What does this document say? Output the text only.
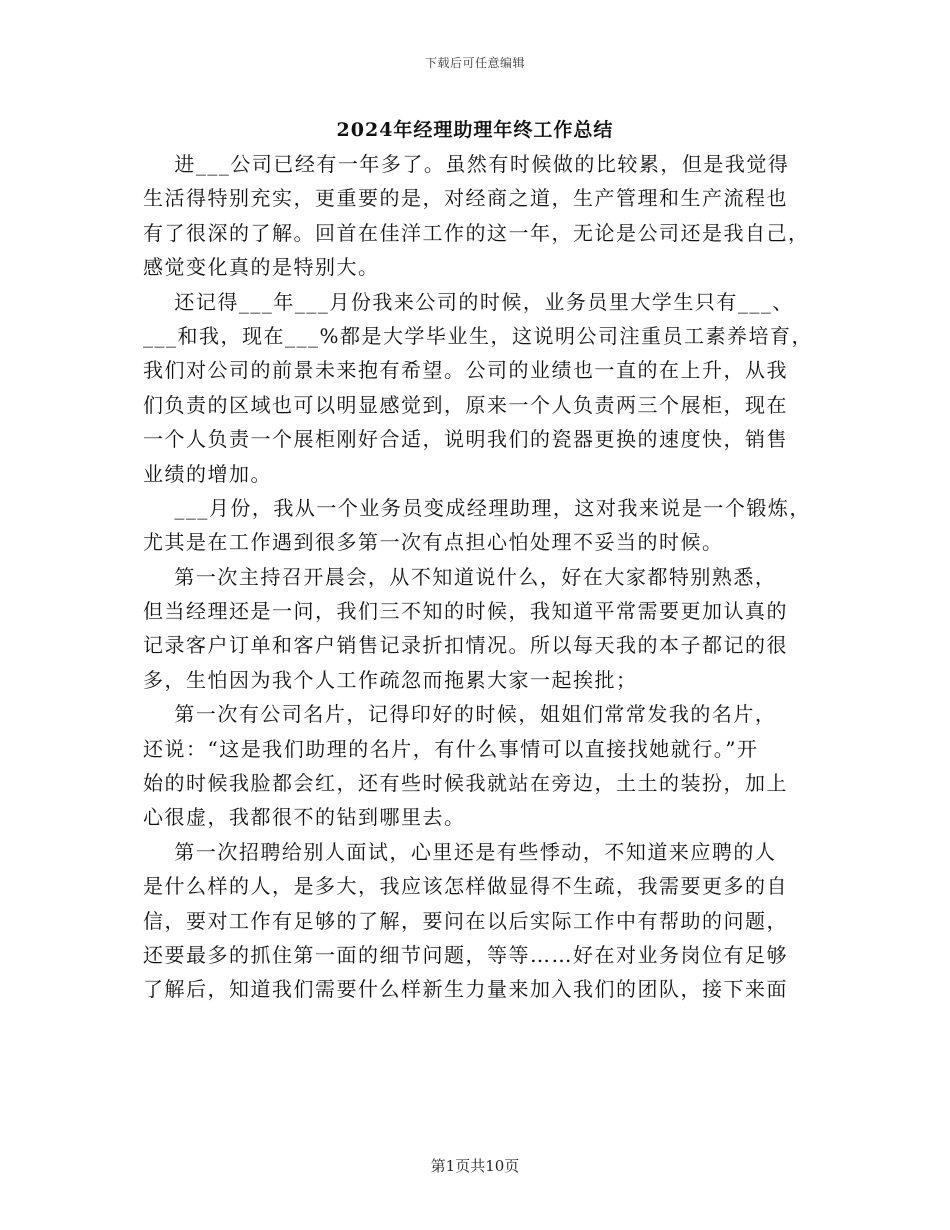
下载后可任意编辑
2024年经理助理年终工作总结
进___公司已经有一年多了。虽然有时候做的比较累，但是我觉得
生活得特别充实，更重要的是，对经商之道，生产管理和生产流程也
有了很深的了解。回首在佳洋工作的这一年，无论是公司还是我自己，
感觉变化真的是特别大。
还记得___年___月份我来公司的时候，业务员里大学生只有___、
___和我，现在___%都是大学毕业生，这说明公司注重员工素养培育，
我们对公司的前景未来抱有希望。公司的业绩也一直的在上升，从我
们负责的区域也可以明显感觉到，原来一个人负责两三个展柜，现在
一个人负责一个展柜刚好合适，说明我们的瓷器更换的速度快，销售
业绩的增加。
___月份，我从一个业务员变成经理助理，这对我来说是一个锻炼，
尤其是在工作遇到很多第一次有点担心怕处理不妥当的时候。
第一次主持召开晨会，从不知道说什么，好在大家都特别熟悉，
但当经理还是一问，我们三不知的时候，我知道平常需要更加认真的
记录客户订单和客户销售记录折扣情况。所以每天我的本子都记的很
多，生怕因为我个人工作疏忽而拖累大家一起挨批；
第一次有公司名片，记得印好的时候，姐姐们常常发我的名片，
还说：“这是我们助理的名片，有什么事情可以直接找她就行。”开
始的时候我脸都会红，还有些时候我就站在旁边，土土的装扮，加上
心很虚，我都很不的钻到哪里去。
第一次招聘给别人面试，心里还是有些悸动，不知道来应聘的人
是什么样的人，是多大，我应该怎样做显得不生疏，我需要更多的自
信，要对工作有足够的了解，要问在以后实际工作中有帮助的问题，
还要最多的抓住第一面的细节问题，等等……好在对业务岗位有足够
了解后，知道我们需要什么样新生力量来加入我们的团队，接下来面
第1页共10页
